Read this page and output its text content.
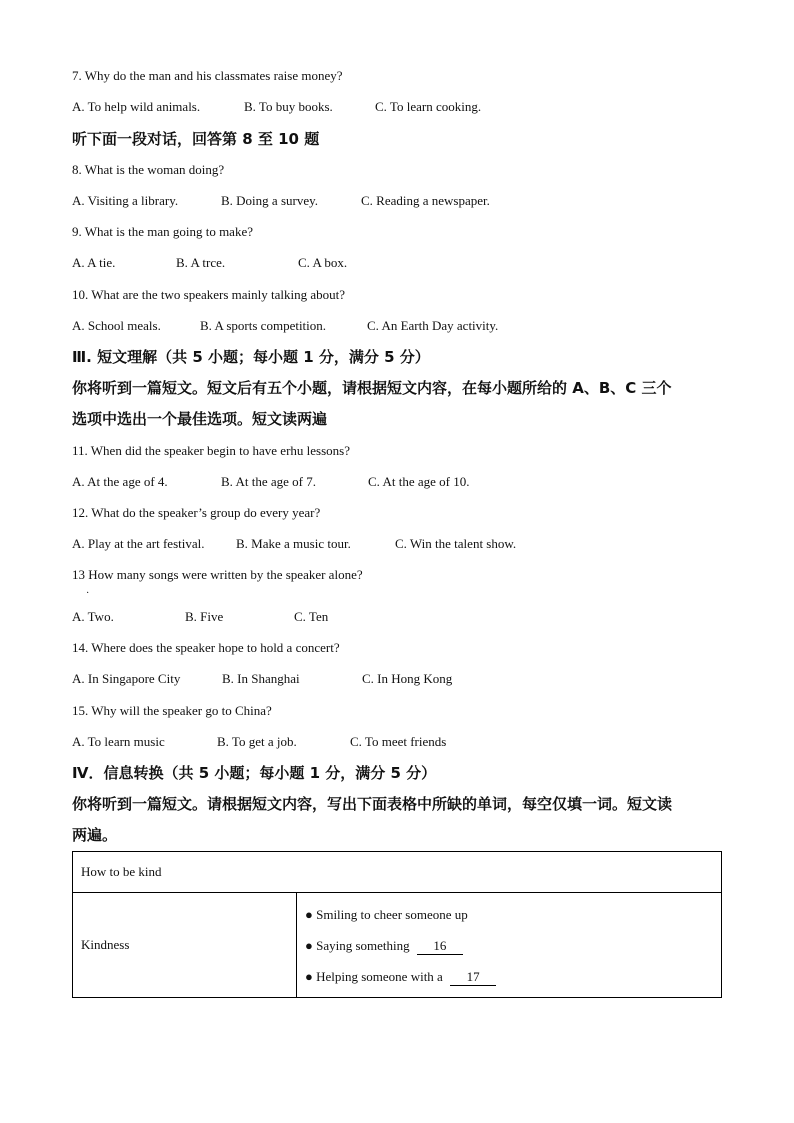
7. Why do the man and his classmates raise money?
A. To help wild animals.	B. To buy books.	C. To learn cooking.
听下面一段对话，回答第 8 至 10 题
8. What is the woman doing?
A. Visiting a library.	B. Doing a survey.	C. Reading a newspaper.
9. What is the man going to make?
A. A tie.	B. A trce.	C. A box.
10. What are the two speakers mainly talking about?
A. School meals.	B. A sports competition.	C. An Earth Day activity.
Ⅲ. 短文理解（共 5 小题；每小题 1 分，满分 5 分）
你将听到一篇短文。短文后有五个小题，请根据短文内容，在每小题所给的 A、B、C 三个
选项中选出一个最佳选项。短文读两遍
11. When did the speaker begin to have erhu lessons?
A. At the age of 4.	B. At the age of 7.	C. At the age of 10.
12. What do the speaker’s group do every year?
A. Play at the art festival. B. Make a music tour.	C. Win the talent show.
13 How many songs were written by the speaker alone?
·
A. Two.	B. Five	C. Ten
14. Where does the speaker hope to hold a concert?
A. In Singapore City	B. In Shanghai	C. In Hong Kong
15. Why will the speaker go to China?
A. To learn music	B. To get a job.	C. To meet friends
Ⅳ．信息转换（共 5 小题；每小题 1 分，满分 5 分）
你将听到一篇短文。请根据短文内容，写出下面表格中所缺的单词，每空仅填一词。短文读
两遍。
How to be kind
Kindness	
● Smiling to cheer someone up
● Saying something 16
● Helping someone with a 17
